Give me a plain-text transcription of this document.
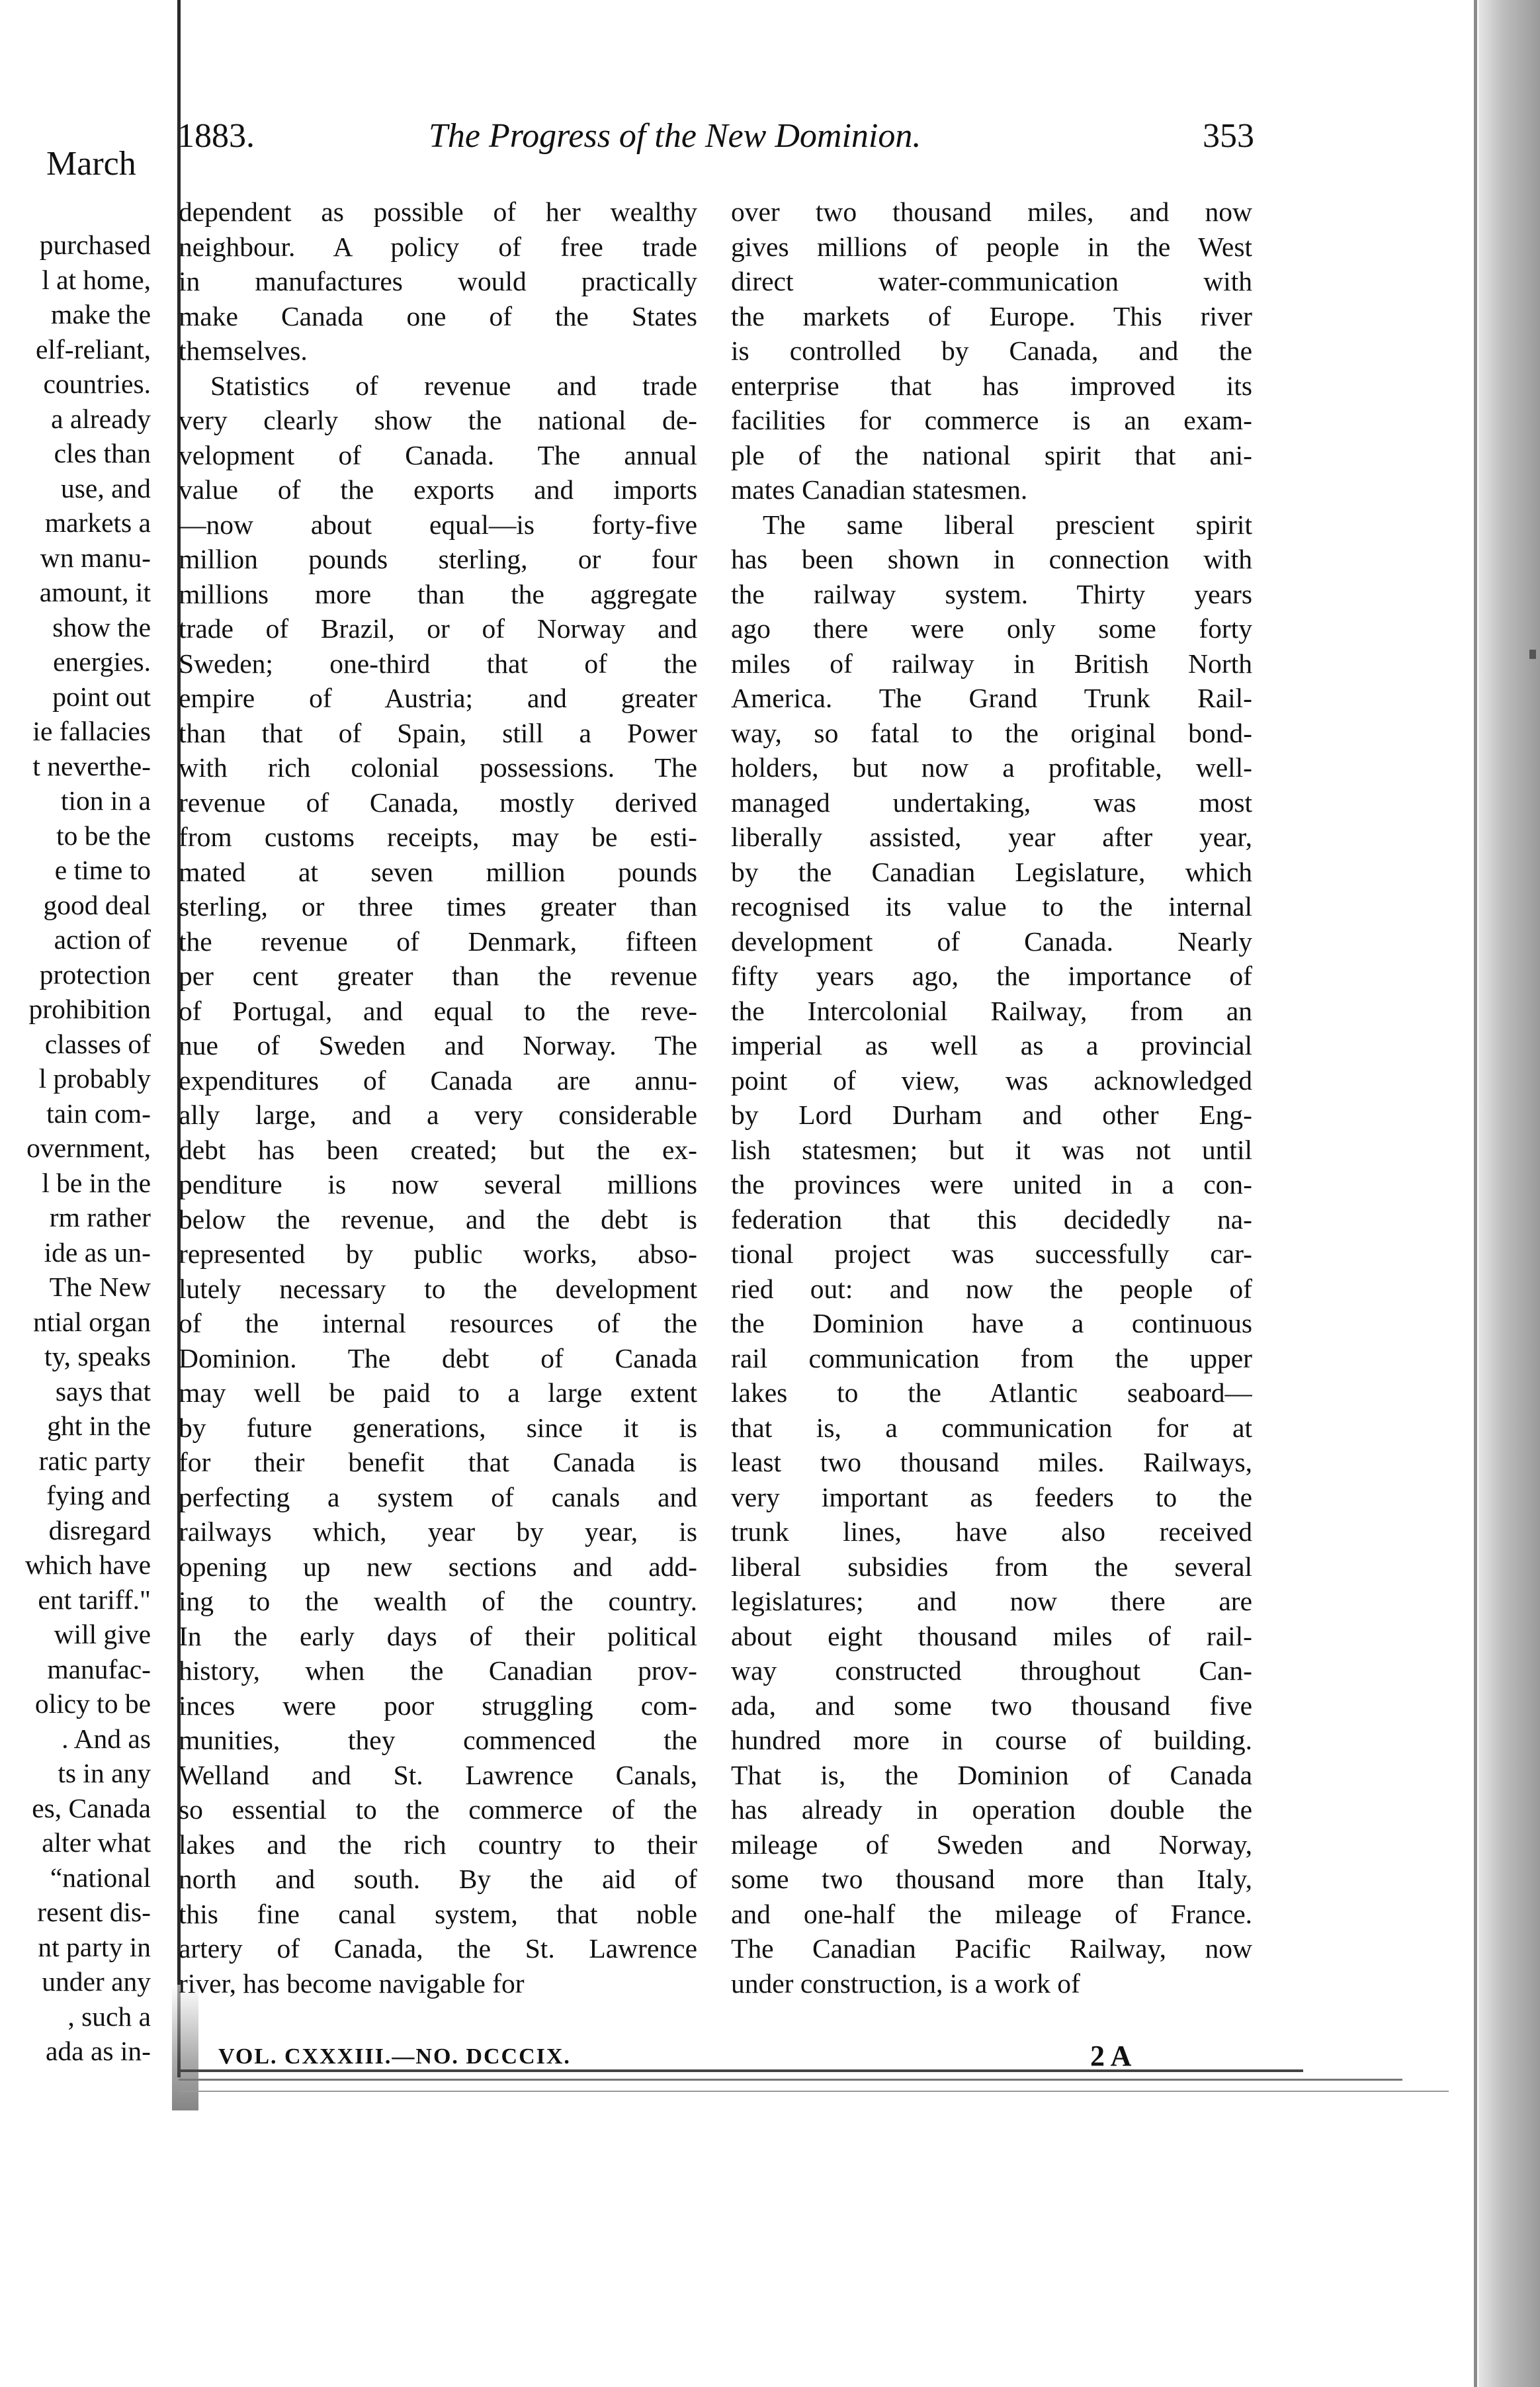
March
1883.	The Progress of the New Dominion.	353
purchased
l at home,
make the
elf-reliant,
countries.
a already
cles than
use, and
markets a
wn manu-
amount, it
show the
energies.
point out
ie fallacies
t neverthe-
tion in a
to be the
e time to
good deal
action of
protection
prohibition
classes of
l probably
tain com-
overnment,
l be in the
rm rather
ide as un-
The New
ntial organ
ty, speaks
says that
ght in the
ratic party
fying and
disregard
which have
ent tariff."
will give
manufac-
olicy to be
. And as
ts in any
es, Canada
alter what
“national
resent dis-
nt party in
under any
, such a
ada as in-
dependent as possible of her wealthy
neighbour. A policy of free trade
in manufactures would practically
make Canada one of the States
themselves.
Statistics of revenue and trade
very clearly show the national de-
velopment of Canada. The annual
value of the exports and imports
—now about equal—is forty-five
million pounds sterling, or four
millions more than the aggregate
trade of Brazil, or of Norway and
Sweden; one-third that of the
empire of Austria; and greater
than that of Spain, still a Power
with rich colonial possessions. The
revenue of Canada, mostly derived
from customs receipts, may be esti-
mated at seven million pounds
sterling, or three times greater than
the revenue of Denmark, fifteen
per cent greater than the revenue
of Portugal, and equal to the reve-
nue of Sweden and Norway. The
expenditures of Canada are annu-
ally large, and a very considerable
debt has been created; but the ex-
penditure is now several millions
below the revenue, and the debt is
represented by public works, abso-
lutely necessary to the development
of the internal resources of the
Dominion. The debt of Canada
may well be paid to a large extent
by future generations, since it is
for their benefit that Canada is
perfecting a system of canals and
railways which, year by year, is
opening up new sections and add-
ing to the wealth of the country.
In the early days of their political
history, when the Canadian prov-
inces were poor struggling com-
munities, they commenced the
Welland and St. Lawrence Canals,
so essential to the commerce of the
lakes and the rich country to their
north and south. By the aid of
this fine canal system, that noble
artery of Canada, the St. Lawrence
river, has become navigable for
over two thousand miles, and now
gives millions of people in the West
direct water-communication with
the markets of Europe. This river
is controlled by Canada, and the
enterprise that has improved its
facilities for commerce is an exam-
ple of the national spirit that ani-
mates Canadian statesmen.
The same liberal prescient spirit
has been shown in connection with
the railway system. Thirty years
ago there were only some forty
miles of railway in British North
America. The Grand Trunk Rail-
way, so fatal to the original bond-
holders, but now a profitable, well-
managed undertaking, was most
liberally assisted, year after year,
by the Canadian Legislature, which
recognised its value to the internal
development of Canada. Nearly
fifty years ago, the importance of
the Intercolonial Railway, from an
imperial as well as a provincial
point of view, was acknowledged
by Lord Durham and other Eng-
lish statesmen; but it was not until
the provinces were united in a con-
federation that this decidedly na-
tional project was successfully car-
ried out: and now the people of
the Dominion have a continuous
rail communication from the upper
lakes to the Atlantic seaboard—
that is, a communication for at
least two thousand miles. Railways,
very important as feeders to the
trunk lines, have also received
liberal subsidies from the several
legislatures; and now there are
about eight thousand miles of rail-
way constructed throughout Can-
ada, and some two thousand five
hundred more in course of building.
That is, the Dominion of Canada
has already in operation double the
mileage of Sweden and Norway,
some two thousand more than Italy,
and one-half the mileage of France.
The Canadian Pacific Railway, now
under construction, is a work of
VOL. CXXXIII.—NO. DCCCIX.	2 A
